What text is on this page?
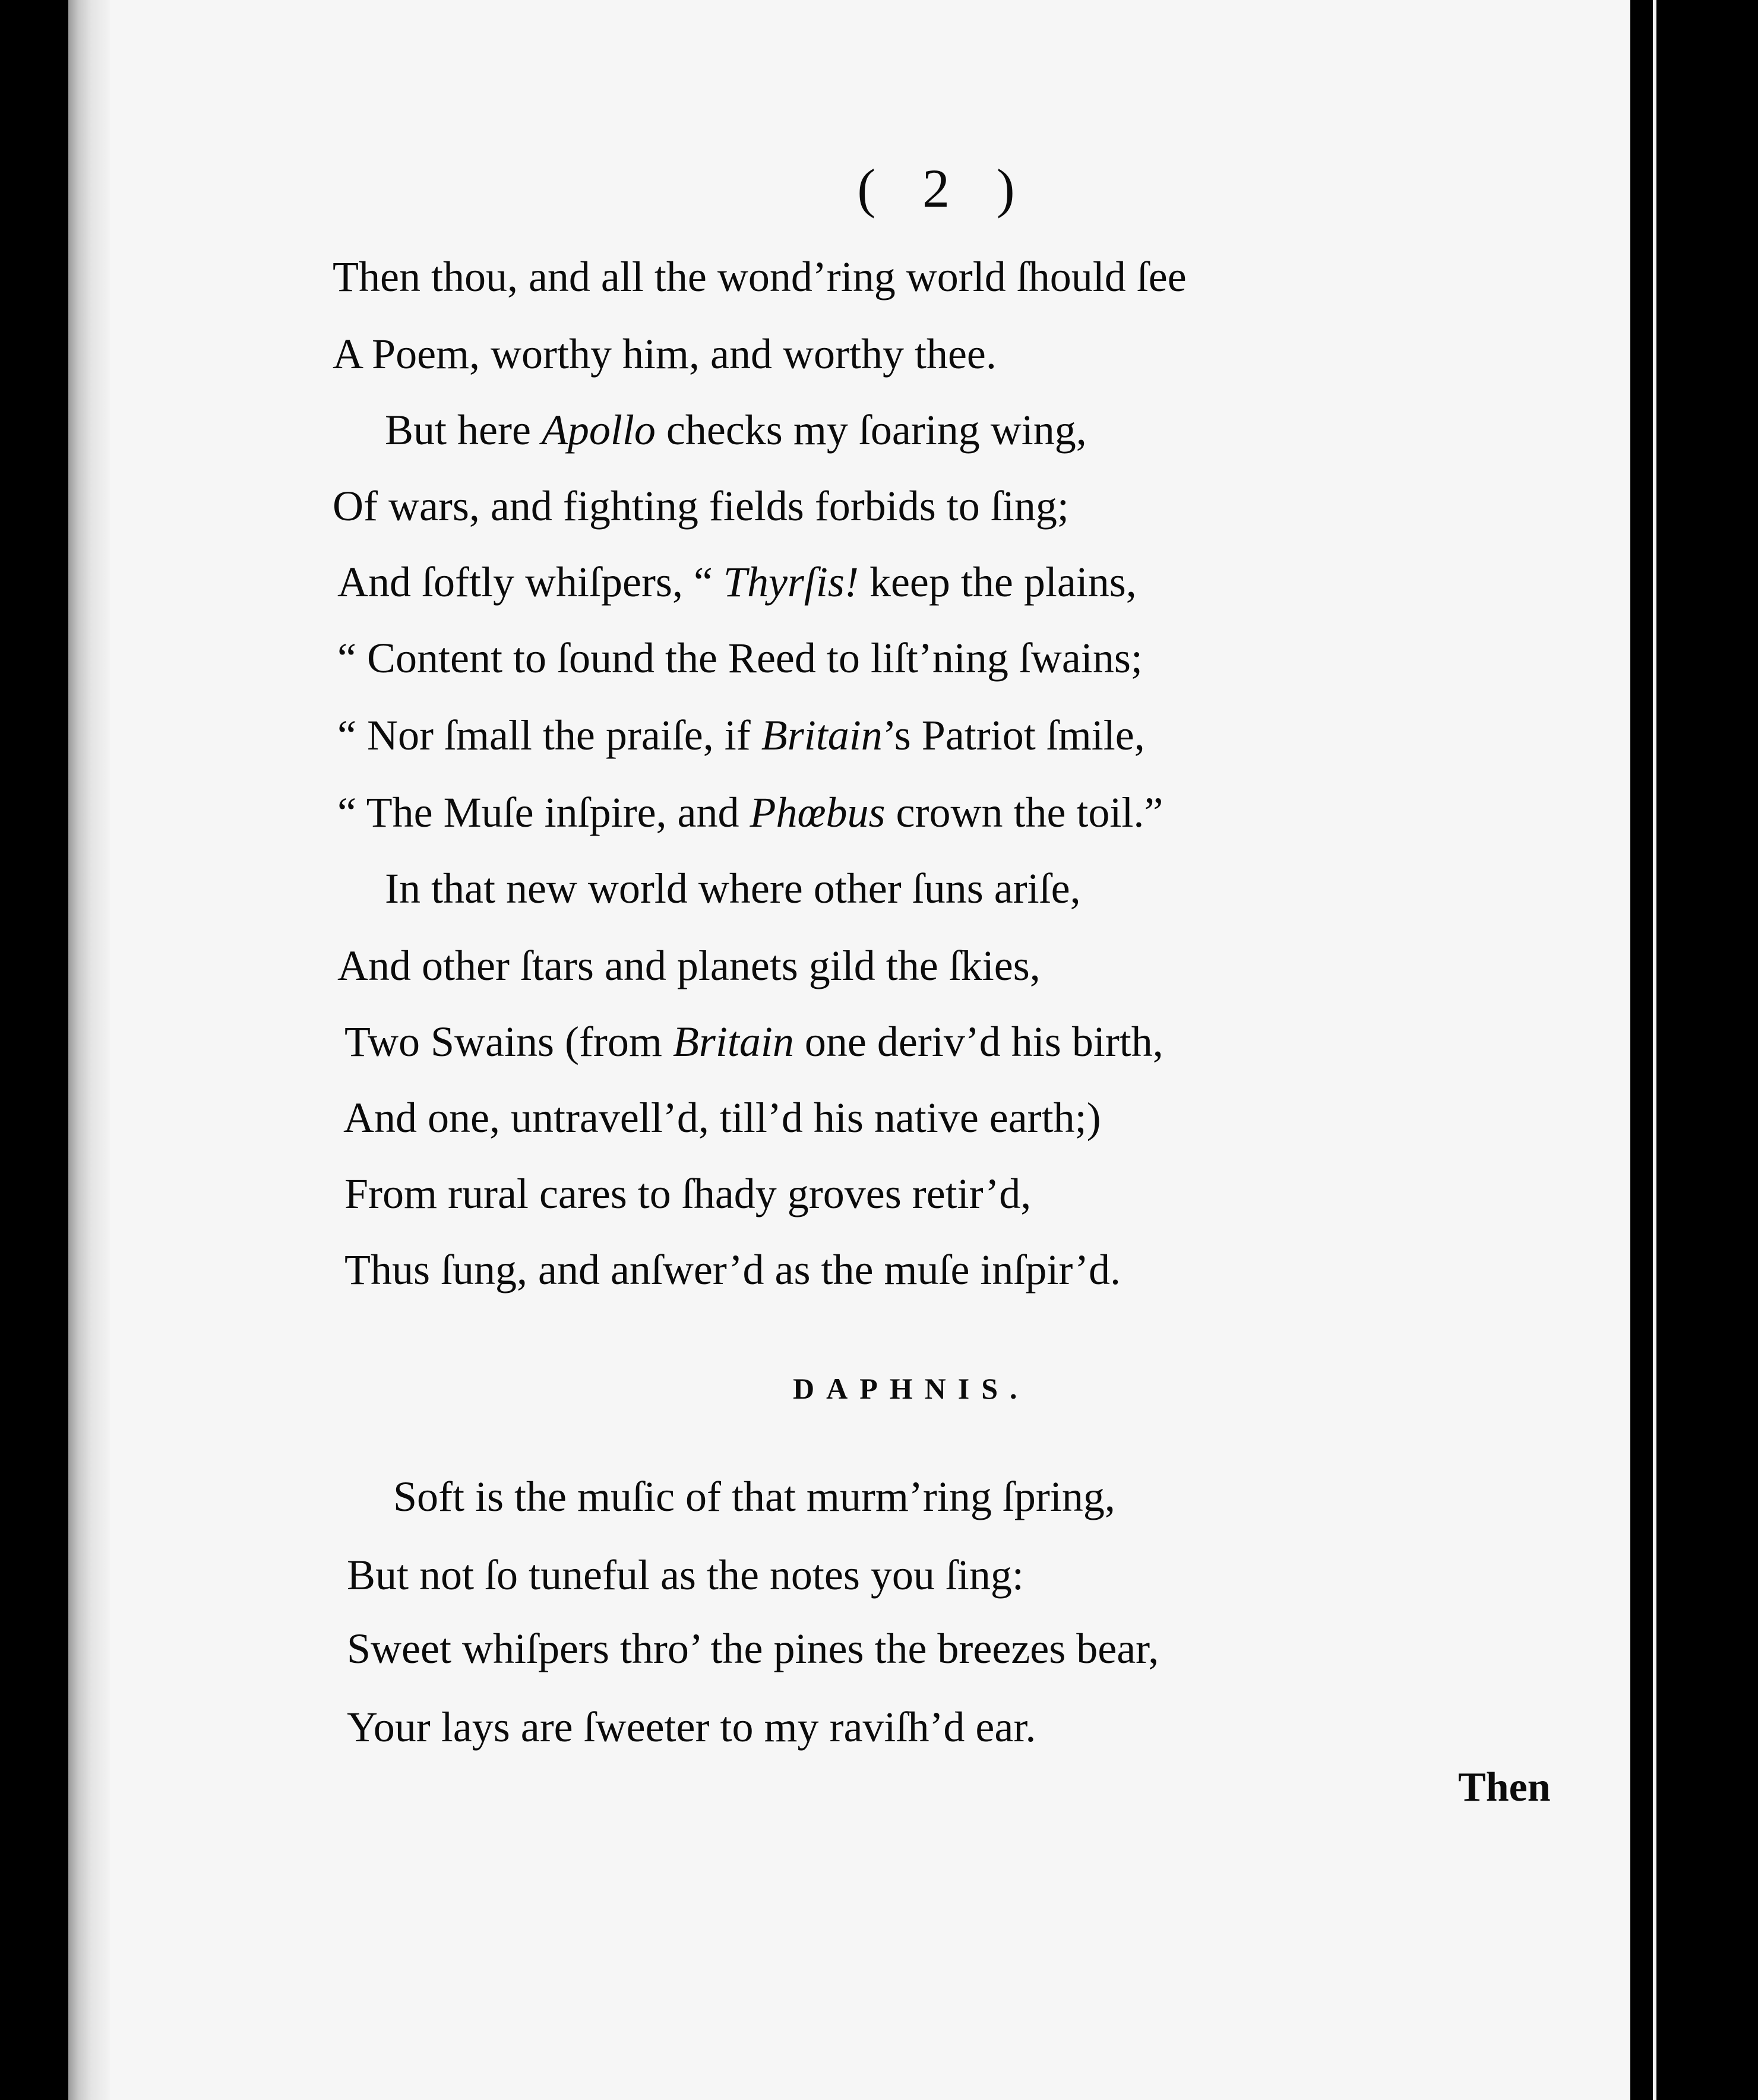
( 2 )
Then thou, and all the wond’ring world ſhould ſee
A Poem, worthy him, and worthy thee.
But here Apollo checks my ſoaring wing,
Of wars, and fighting fields forbids to ſing;
And ſoftly whiſpers, “ Thyrſis! keep the plains,
“ Content to ſound the Reed to liſt’ning ſwains;
“ Nor ſmall the praiſe, if Britain’s Patriot ſmile,
“ The Muſe inſpire, and Phœbus crown the toil.”
In that new world where other ſuns ariſe,
And other ſtars and planets gild the ſkies,
Two Swains (from Britain one deriv’d his birth,
And one, untravell’d, till’d his native earth;)
From rural cares to ſhady groves retir’d,
Thus ſung, and anſwer’d as the muſe inſpir’d.
DAPHNIS.
Soft is the muſic of that murm’ring ſpring,
But not ſo tuneful as the notes you ſing:
Sweet whiſpers thro’ the pines the breezes bear,
Your lays are ſweeter to my raviſh’d ear.
Then
